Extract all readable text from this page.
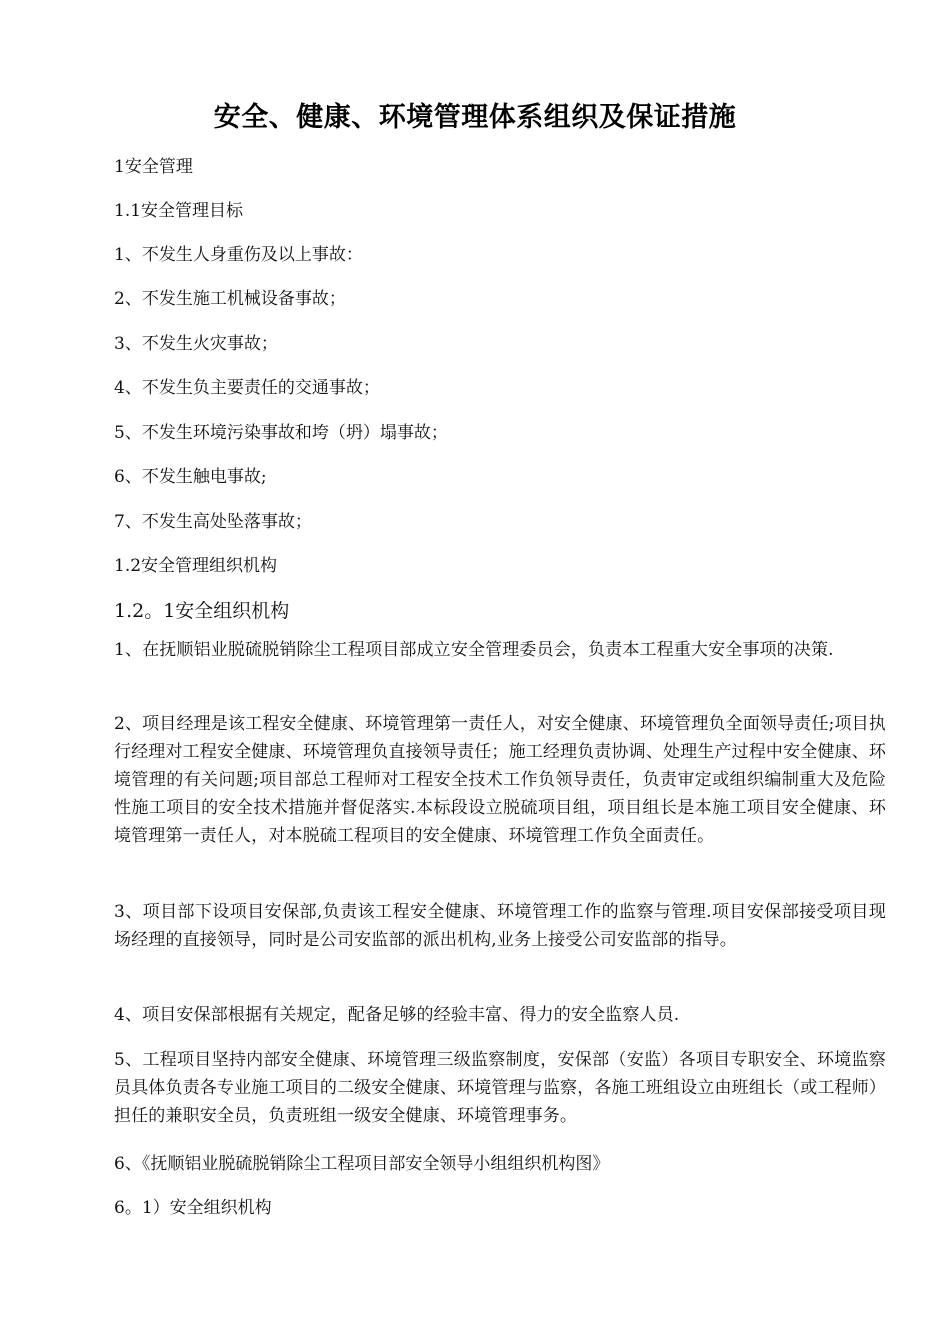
安全、健康、环境管理体系组织及保证措施
1安全管理
1.1安全管理目标
1、不发生人身重伤及以上事故：
2、不发生施工机械设备事故；
3、不发生火灾事故；
4、不发生负主要责任的交通事故；
5、不发生环境污染事故和垮（坍）塌事故；
6、不发生触电事故;
7、不发生高处坠落事故；
1.2安全管理组织机构
1.2。1安全组织机构
1、在抚顺铝业脱硫脱销除尘工程项目部成立安全管理委员会，负责本工程重大安全事项的决策.
2、项目经理是该工程安全健康、环境管理第一责任人，对安全健康、环境管理负全面领导责任;项目执行经理对工程安全健康、环境管理负直接领导责任；施工经理负责协调、处理生产过程中安全健康、环境管理的有关问题;项目部总工程师对工程安全技术工作负领导责任，负责审定或组织编制重大及危险性施工项目的安全技术措施并督促落实.本标段设立脱硫项目组，项目组长是本施工项目安全健康、环境管理第一责任人，对本脱硫工程项目的安全健康、环境管理工作负全面责任。
3、项目部下设项目安保部,负责该工程安全健康、环境管理工作的监察与管理.项目安保部接受项目现场经理的直接领导，同时是公司安监部的派出机构,业务上接受公司安监部的指导。
4、项目安保部根据有关规定，配备足够的经验丰富、得力的安全监察人员.
5、工程项目坚持内部安全健康、环境管理三级监察制度，安保部（安监）各项目专职安全、环境监察员具体负责各专业施工项目的二级安全健康、环境管理与监察，各施工班组设立由班组长（或工程师）担任的兼职安全员，负责班组一级安全健康、环境管理事务。
6、《抚顺铝业脱硫脱销除尘工程项目部安全领导小组组织机构图》
6。1）安全组织机构
